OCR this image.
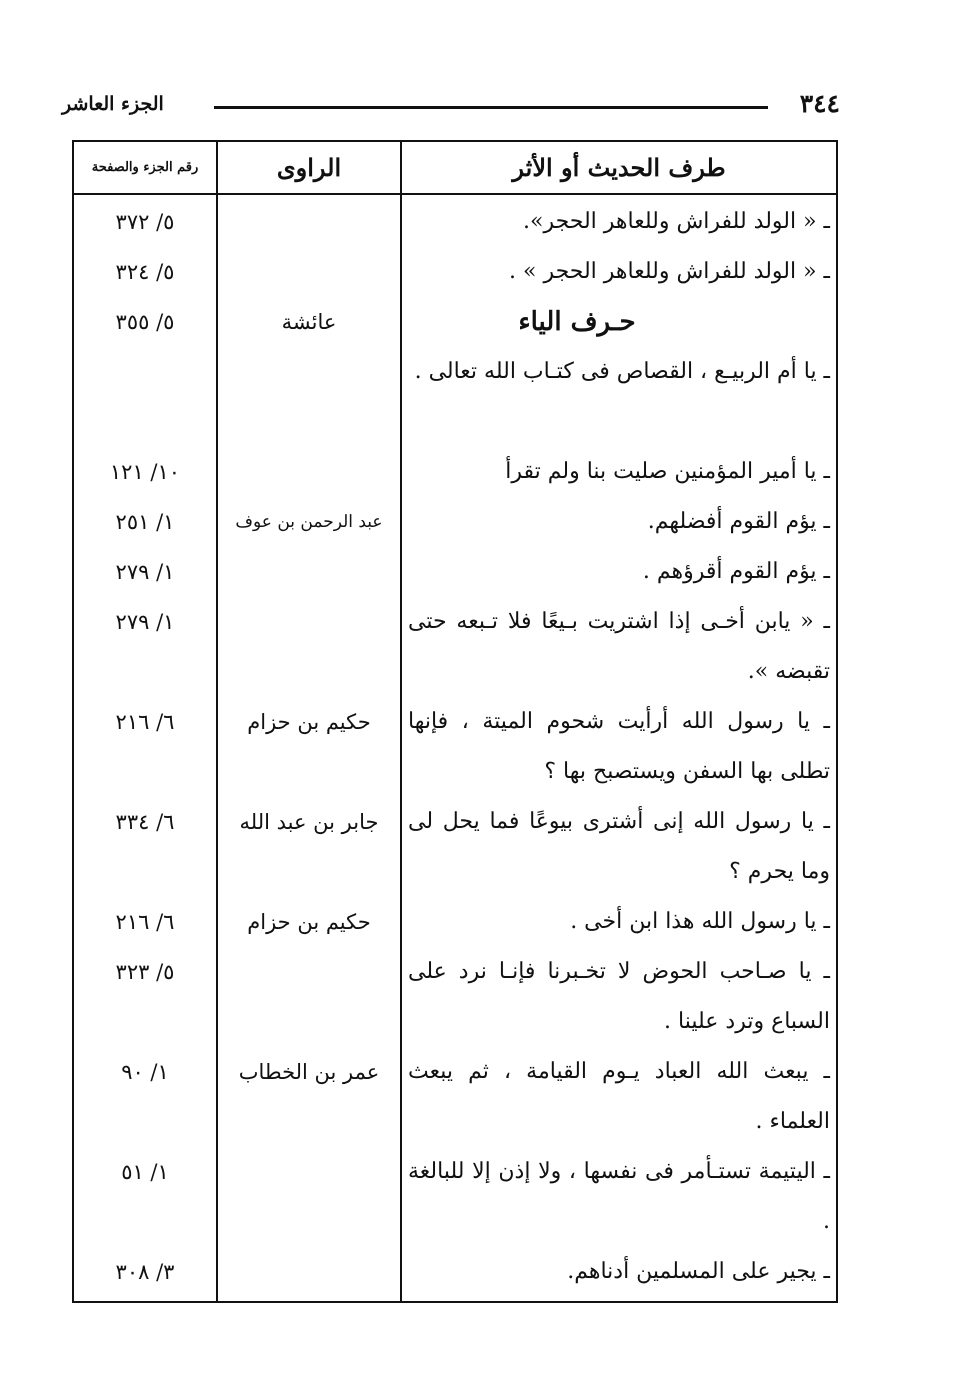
٣٤٤
الجزء العاشر
طرف الحديث أو الأثر	الراوى	رقم الجزء والصفحة
ـ « الولد للفراش وللعاهر الحجر».		٥/ ٣٧٢
ـ « الولد للفراش وللعاهر الحجر » .		٥/ ٣٢٤
حـرف الياء	عائشة	٥/ ٣٥٥
ـ يا أم الربيـع ، القصاص فى كتـاب الله تعالى .		
ـ يا أمير المؤمنين صليت بنا ولم تقرأ		١٠/ ١٢١
ـ يؤم القوم أفضلهم.	عبد الرحمن بن عوف	١/ ٢٥١
ـ يؤم القوم أقرؤهم .		١/ ٢٧٩
ـ « يابن أخـى إذا اشتريت بـيعًا فلا تـبعه حتى تقبضه ».		١/ ٢٧٩
ـ يا رسول الله أرأيت شحوم الميتة ، فإنها تطلى بها السفن ويستصبح بها ؟	حكيم بن حزام	٦/ ٢١٦
ـ يا رسول الله إنى أشترى بيوعًا فما يحل لى وما يحرم ؟	جابر بن عبد الله	٦/ ٣٣٤
ـ يا رسول الله هذا ابن أخى .	حكيم بن حزام	٦/ ٢١٦
ـ يا صـاحب الحوض لا تخـبرنا فإنـا نرد على السباع وترد علينا .		٥/ ٣٢٣
ـ يبعث الله العباد يـوم القيامة ، ثم يبعث العلماء .	عمر بن الخطاب	١/ ٩٠
ـ اليتيمة تستـأمر فى نفسها ، ولا إذن إلا للبالغة .		١/ ٥١
ـ يجير على المسلمين أدناهم.		٣/ ٣٠٨
